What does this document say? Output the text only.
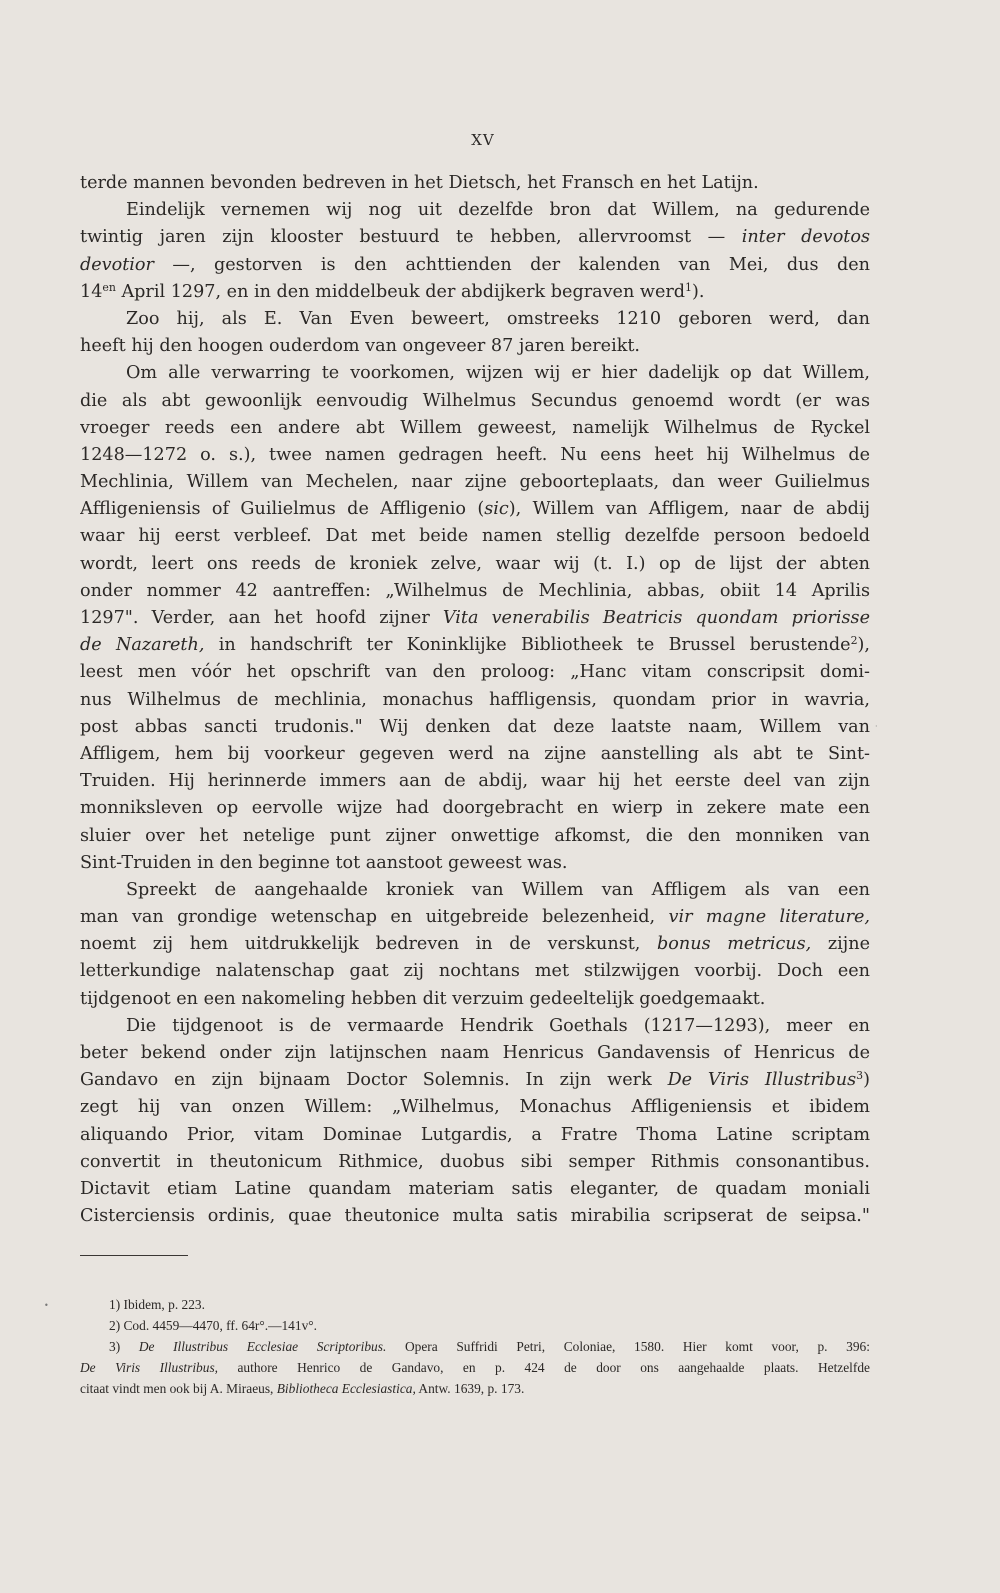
XV
terde mannen bevonden bedreven in het Dietsch, het Fransch en het Latijn.
Eindelijk vernemen wij nog uit dezelfde bron dat Willem, na gedurende
twintig jaren zijn klooster bestuurd te hebben, allervroomst — inter devotos
devotior —, gestorven is den achttienden der kalenden van Mei, dus den
$14^{en}$ April 1297, en in den middelbeuk der abdijkerk begraven werd$^1$).
Zoo hij, als E. Van Even beweert, omstreeks 1210 geboren werd, dan
heeft hij den hoogen ouderdom van ongeveer 87 jaren bereikt.
Om alle verwarring te voorkomen, wijzen wij er hier dadelijk op dat Willem,
die als abt gewoonlijk eenvoudig Wilhelmus Secundus genoemd wordt (er was
vroeger reeds een andere abt Willem geweest, namelijk Wilhelmus de Ryckel
1248—1272 o. s.), twee namen gedragen heeft. Nu eens heet hij Wilhelmus de
Mechlinia, Willem van Mechelen, naar zijne geboorteplaats, dan weer Guilielmus
Affligeniensis of Guilielmus de Affligenio (sic), Willem van Affligem, naar de abdij
waar hij eerst verbleef. Dat met beide namen stellig dezelfde persoon bedoeld
wordt, leert ons reeds de kroniek zelve, waar wij (t. I.) op de lijst der abten
onder nommer 42 aantreffen: „Wilhelmus de Mechlinia, abbas, obiit 14 Aprilis
1297". Verder, aan het hoofd zijner Vita venerabilis Beatricis quondam priorisse
de Nazareth, in handschrift ter Koninklijke Bibliotheek te Brussel berustende$^2$),
leest men vóór het opschrift van den proloog: „Hanc vitam conscripsit domi-
nus Wilhelmus de mechlinia, monachus haffligensis, quondam prior in wavria,
post abbas sancti trudonis." Wij denken dat deze laatste naam, Willem van
Affligem, hem bij voorkeur gegeven werd na zijne aanstelling als abt te Sint-
Truiden. Hij herinnerde immers aan de abdij, waar hij het eerste deel van zijn
monniksleven op eervolle wijze had doorgebracht en wierp in zekere mate een
sluier over het netelige punt zijner onwettige afkomst, die den monniken van
Sint-Truiden in den beginne tot aanstoot geweest was.
Spreekt de aangehaalde kroniek van Willem van Affligem als van een
man van grondige wetenschap en uitgebreide belezenheid, vir magne literature,
noemt zij hem uitdrukkelijk bedreven in de verskunst, bonus metricus, zijne
letterkundige nalatenschap gaat zij nochtans met stilzwijgen voorbij. Doch een
tijdgenoot en een nakomeling hebben dit verzuim gedeeltelijk goedgemaakt.
Die tijdgenoot is de vermaarde Hendrik Goethals (1217—1293), meer en
beter bekend onder zijn latijnschen naam Henricus Gandavensis of Henricus de
Gandavo en zijn bijnaam Doctor Solemnis. In zijn werk De Viris Illustribus$^3$)
zegt hij van onzen Willem: „Wilhelmus, Monachus Affligeniensis et ibidem
aliquando Prior, vitam Dominae Lutgardis, a Fratre Thoma Latine scriptam
convertit in theutonicum Rithmice, duobus sibi semper Rithmis consonantibus.
Dictavit etiam Latine quandam materiam satis eleganter, de quadam moniali
Cisterciensis ordinis, quae theutonice multa satis mirabilia scripserat de seipsa."
1) Ibidem, p. 223.
2) Cod. 4459—4470, ff. 64r°.—141v°.
3) De Illustribus Ecclesiae Scriptoribus. Opera Suffridi Petri, Coloniae, 1580. Hier komt voor, p. 396:
De Viris Illustribus, authore Henrico de Gandavo, en p. 424 de door ons aangehaalde plaats. Hetzelfde
citaat vindt men ook bij A. Miraeus, Bibliotheca Ecclesiastica, Antw. 1639, p. 173.
•
·
